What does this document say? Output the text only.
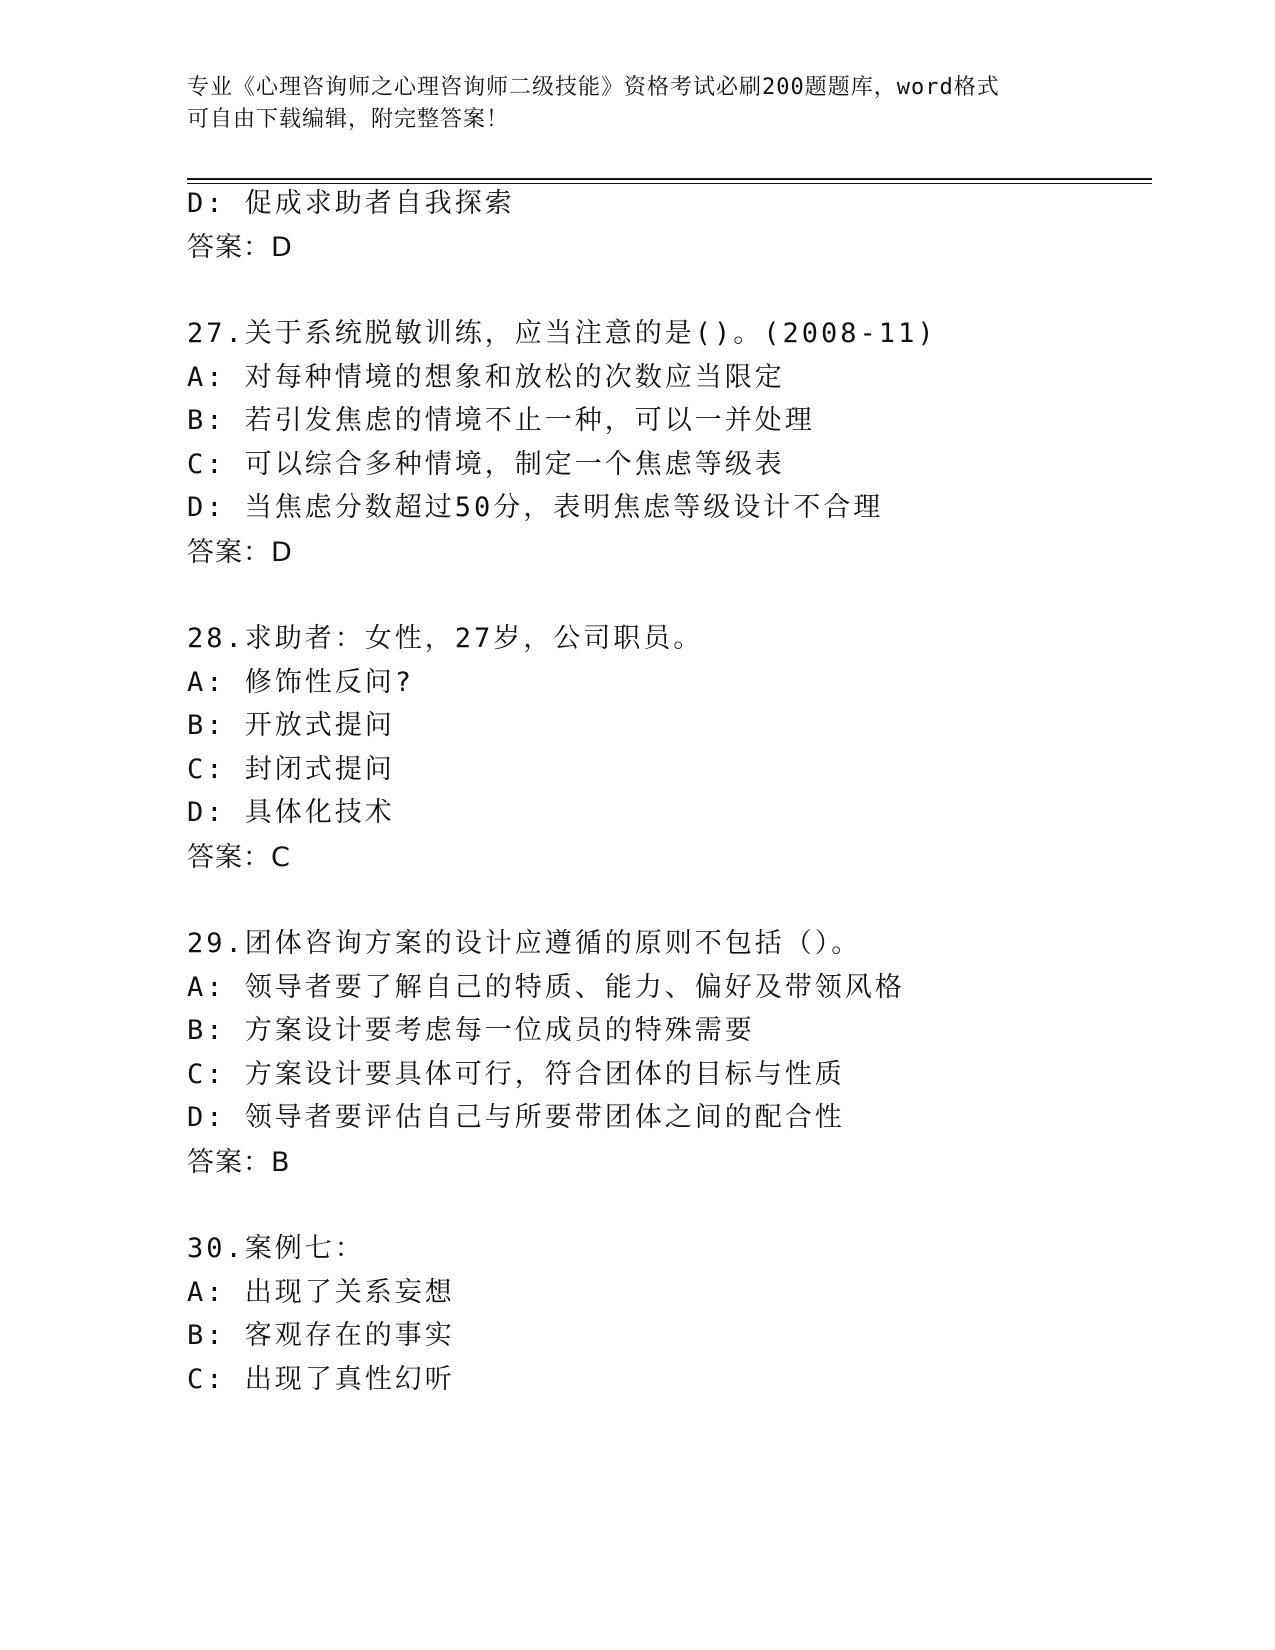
专业《心理咨询师之心理咨询师二级技能》资格考试必刷200题题库，word格式
可自由下载编辑，附完整答案！
D: 促成求助者自我探索
答案：D
27.关于系统脱敏训练，应当注意的是()。(2008-11)
A: 对每种情境的想象和放松的次数应当限定
B: 若引发焦虑的情境不止一种，可以一并处理
C: 可以综合多种情境，制定一个焦虑等级表
D: 当焦虑分数超过50分，表明焦虑等级设计不合理
答案：D
28.求助者：女性，27岁，公司职员。
A: 修饰性反问?
B: 开放式提问
C: 封闭式提问
D: 具体化技术
答案：C
29.团体咨询方案的设计应遵循的原则不包括（）。
A: 领导者要了解自己的特质、能力、偏好及带领风格
B: 方案设计要考虑每一位成员的特殊需要
C: 方案设计要具体可行，符合团体的目标与性质
D: 领导者要评估自己与所要带团体之间的配合性
答案：B
30.案例七：
A: 出现了关系妄想
B: 客观存在的事实
C: 出现了真性幻听
